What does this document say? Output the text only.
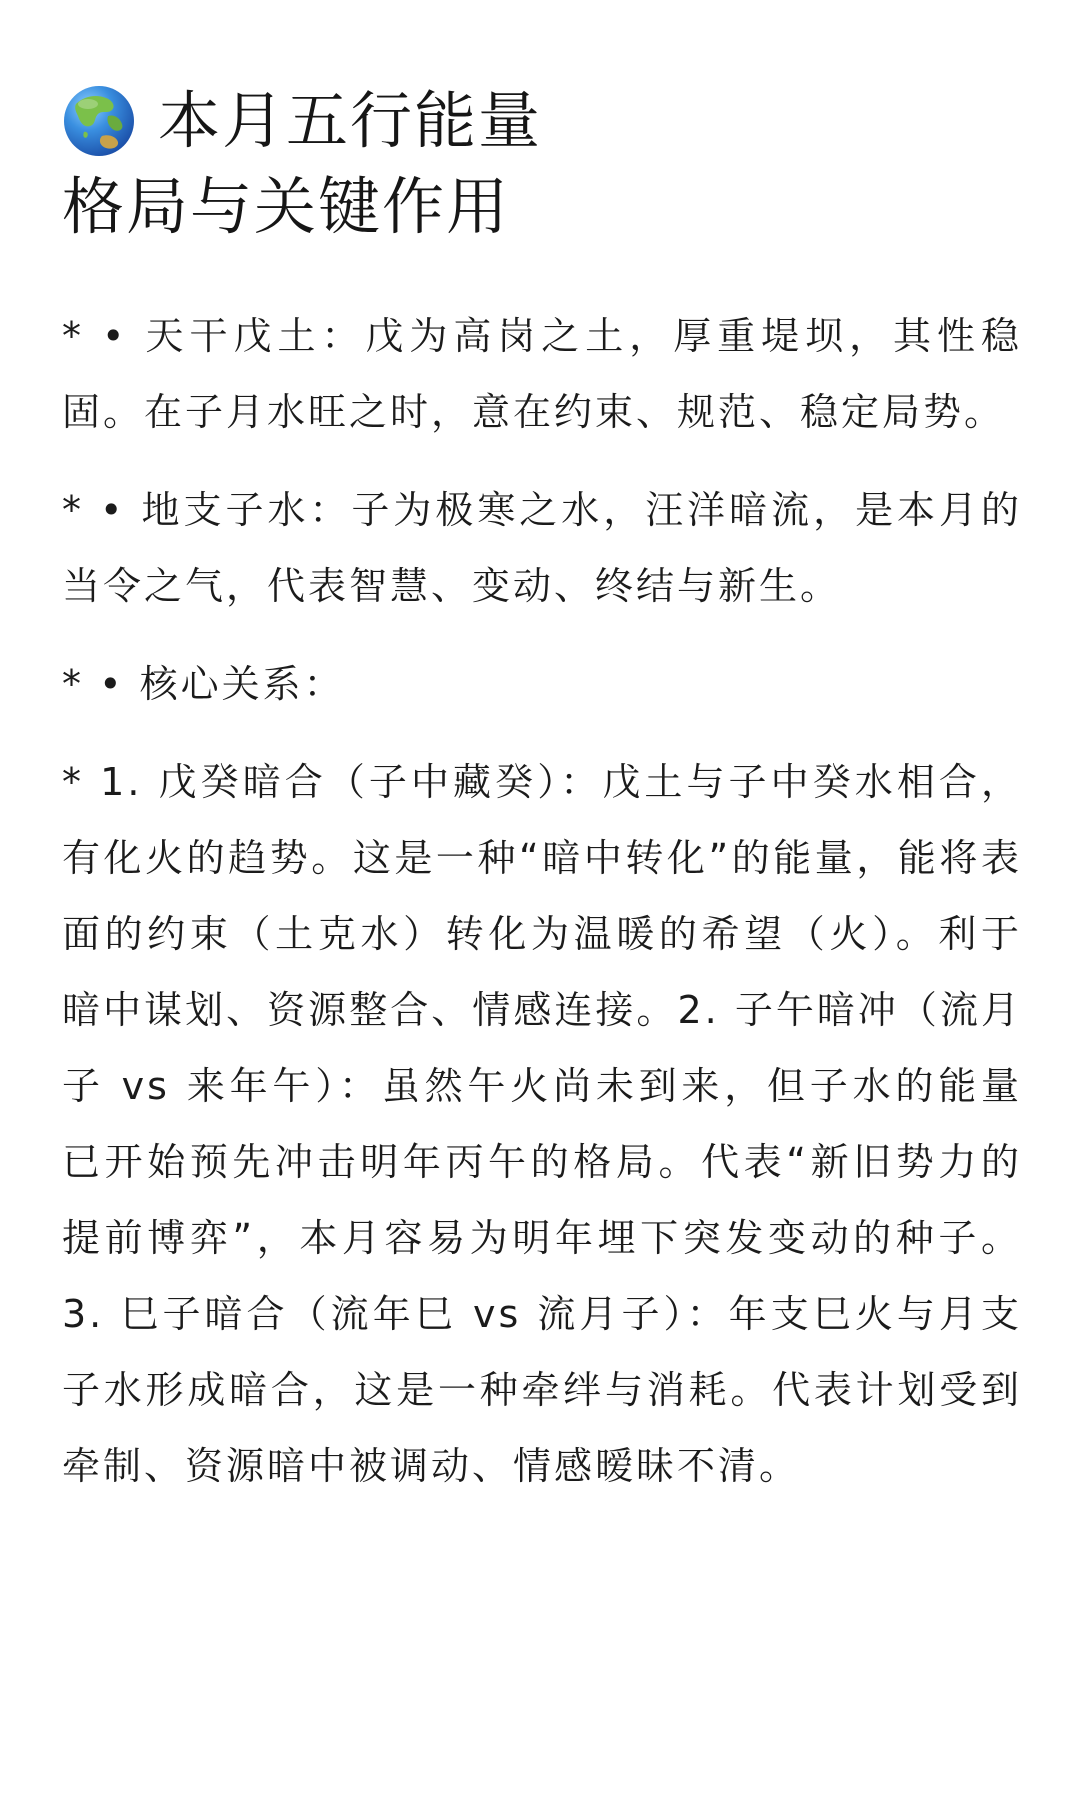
本月五行能量
格局与关键作用

* • 天干戊土：戊为高岗之土，厚重堤坝，其性稳固。在子月水旺之时，意在约束、规范、稳定局势。

* • 地支子水：子为极寒之水，汪洋暗流，是本月的当令之气，代表智慧、变动、终结与新生。

* • 核心关系：

* 1. 戊癸暗合（子中藏癸）：戊土与子中癸水相合，有化火的趋势。这是一种“暗中转化”的能量，能将表面的约束（土克水）转化为温暖的希望（火）。利于暗中谋划、资源整合、情感连接。2. 子午暗冲（流月子 vs 来年午）：虽然午火尚未到来，但子水的能量已开始预先冲击明年丙午的格局。代表“新旧势力的提前博弈”，本月容易为明年埋下突发变动的种子。3. 巳子暗合（流年巳 vs 流月子）：年支巳火与月支子水形成暗合，这是一种牵绊与消耗。代表计划受到牵制、资源暗中被调动、情感暧昧不清。
